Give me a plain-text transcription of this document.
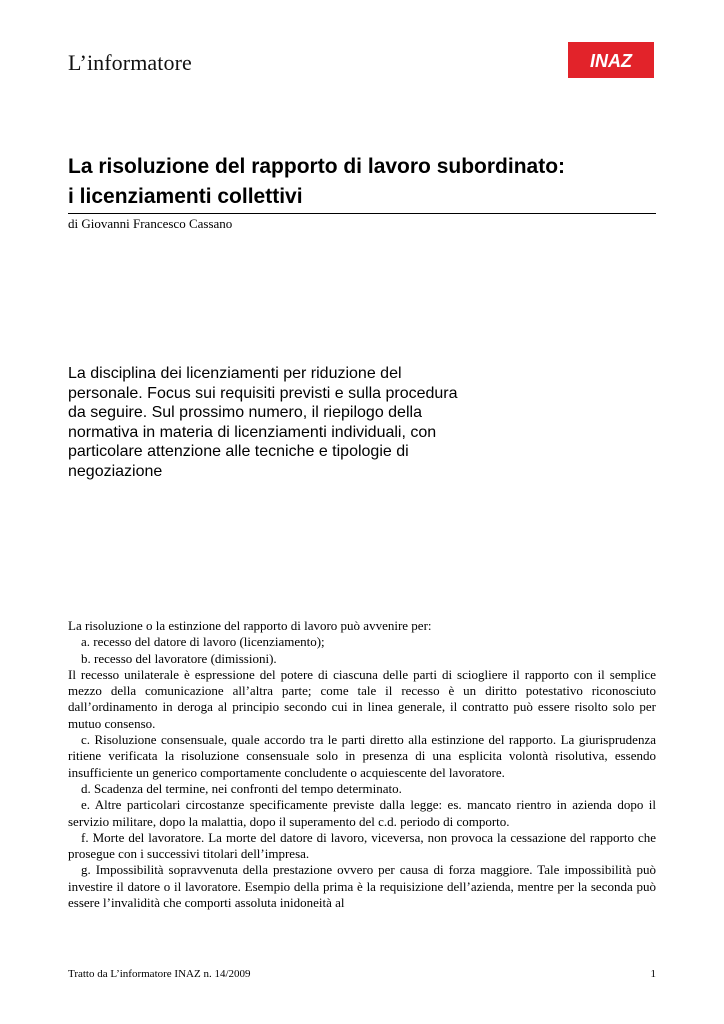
L’informatore	INAZ
La risoluzione del rapporto di lavoro subordinato:
i licenziamenti collettivi
di Giovanni Francesco Cassano

La disciplina dei licenziamenti per riduzione del personale. Focus sui requisiti previsti e sulla procedura da seguire. Sul prossimo numero, il riepilogo della normativa in materia di licenziamenti individuali, con particolare attenzione alle tecniche e tipologie di negoziazione

La risoluzione o la estinzione del rapporto di lavoro può avvenire per:

a. recesso del datore di lavoro (licenziamento);

b. recesso del lavoratore (dimissioni).

Il recesso unilaterale è espressione del potere di ciascuna delle parti di sciogliere il rapporto con il semplice mezzo della comunicazione all’altra parte; come tale il recesso è un diritto potestativo riconosciuto dall’ordinamento in deroga al principio secondo cui in linea generale, il contratto può essere risolto solo per mutuo consenso.

c. Risoluzione consensuale, quale accordo tra le parti diretto alla estinzione del rapporto. La giurisprudenza ritiene verificata la risoluzione consensuale solo in presenza di una esplicita volontà risolutiva, essendo insufficiente un generico comportamente concludente o acquiescente del lavoratore.

d. Scadenza del termine, nei confronti del tempo determinato.

e. Altre particolari circostanze specificamente previste dalla legge: es. mancato rientro in azienda dopo il servizio militare, dopo la malattia, dopo il superamento del c.d. periodo di comporto.

f. Morte del lavoratore. La morte del datore di lavoro, viceversa, non provoca la cessazione del rapporto che prosegue con i successivi titolari dell’impresa.

g. Impossibilità sopravvenuta della prestazione ovvero per causa di forza maggiore. Tale impossibilità può investire il datore o il lavoratore. Esempio della prima è la requisizione dell’azienda, mentre per la seconda può essere l’invalidità che comporti assoluta inidoneità al

Tratto da L’informatore INAZ n. 14/2009	1
